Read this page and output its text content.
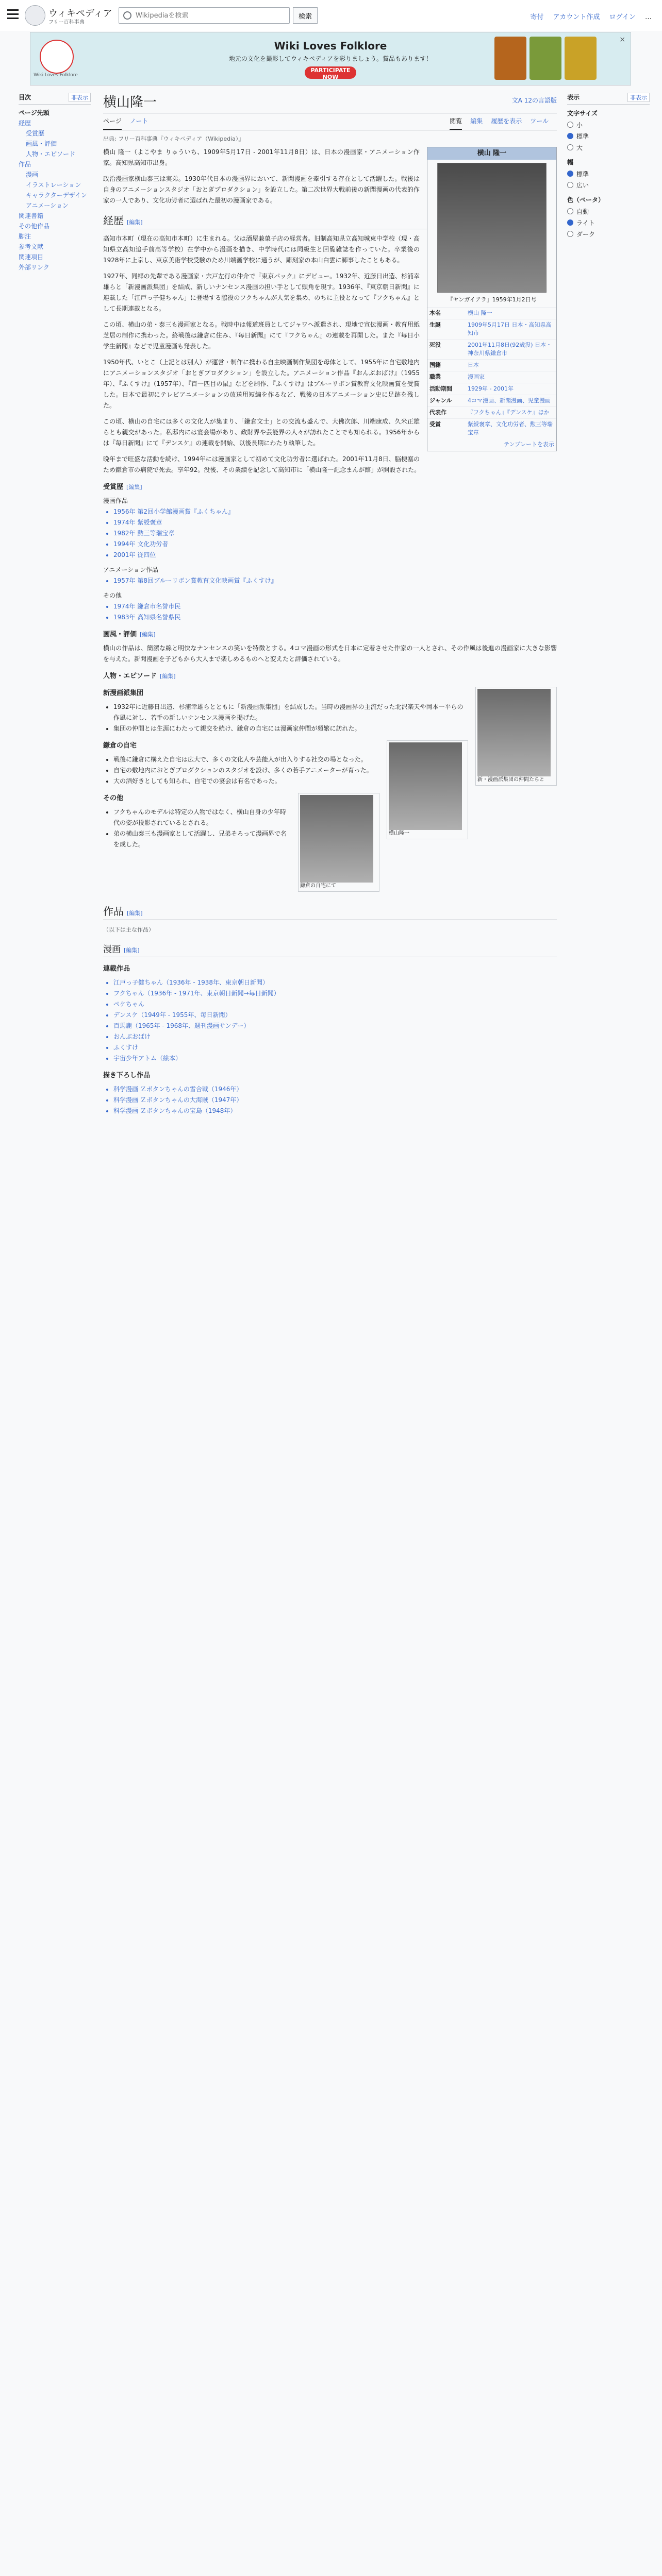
ウィキペディア
フリー百科事典
Wikipediaを検索
検索	寄付 アカウント作成 ログイン …
Wiki Loves Folklore
Wiki Loves Folklore
地元の文化を撮影してウィキペディアを彩りましょう。賞品もあります！
PARTICIPATE NOW
×
目次	非表示
ページ先頭
経歴
受賞歴
画風・評価
人物・エピソード
作品
漫画
イラストレーション
キャラクターデザイン
アニメーション
関連書籍
その他作品
脚注
参考文献
関連項目
外部リンク
横山隆一	文A 12の言語版
ページ ノート	閲覧 編集 履歴を表示 ツール
出典: フリー百科事典『ウィキペディア（Wikipedia）』
横山 隆一
『ヤンガイアラ』1959年1月2日号
本名	横山 隆一
生誕	1909年5月17日 日本・高知県高知市
死没	2001年11月8日(92歳没) 日本・神奈川県鎌倉市
国籍	日本
職業	漫画家
活動期間	1929年 - 2001年
ジャンル	4コマ漫画、新聞漫画、児童漫画
代表作	『フクちゃん』『デンスケ』ほか
受賞	紫綬褒章、文化功労者、勲三等瑞宝章
テンプレートを表示

横山 隆一（よこやま りゅういち、1909年5月17日 - 2001年11月8日）は、日本の漫画家・アニメーション作家。高知県高知市出身。

政治漫画家横山泰三は実弟。1930年代日本の漫画界において、新聞漫画を牽引する存在として活躍した。戦後は自身のアニメーションスタジオ「おとぎプロダクション」を設立した。第二次世界大戦前後の新聞漫画の代表的作家の一人であり、文化功労者に選ばれた最初の漫画家である。

経歴 [編集]

高知市本町（現在の高知市本町）に生まれる。父は酒屋兼菓子店の経営者。旧制高知県立高知城東中学校（現・高知県立高知追手前高等学校）在学中から漫画を描き、中学時代には同級生と回覧雑誌を作っていた。卒業後の1928年に上京し、東京美術学校受験のため川端画学校に通うが、彫刻家の本山白雲に師事したこともある。

1927年、同郷の先輩である漫画家・宍戸左行の仲介で『東京パック』にデビュー。1932年、近藤日出造、杉浦幸雄らと「新漫画派集団」を結成、新しいナンセンス漫画の担い手として頭角を現す。1936年、『東京朝日新聞』に連載した「江戸っ子健ちゃん」に登場する脇役のフクちゃんが人気を集め、のちに主役となって『フクちゃん』として長期連載となる。

この頃、横山の弟・泰三も漫画家となる。戦時中は報道班員としてジャワへ派遣され、現地で宣伝漫画・教育用紙芝居の制作に携わった。終戦後は鎌倉に住み、『毎日新聞』にて『フクちゃん』の連載を再開した。また『毎日小学生新聞』などで児童漫画も発表した。

1950年代、いとこ（上記とは別人）が運営・制作に携わる自主映画制作集団を母体として、1955年に自宅敷地内にアニメーションスタジオ「おとぎプロダクション」を設立した。アニメーション作品『おんぶおばけ』（1955年）、『ふくすけ』（1957年）、『百一匹目の鼠』などを制作、『ふくすけ』はブルーリボン賞教育文化映画賞を受賞した。日本で最初にテレビアニメーションの放送用短編を作るなど、戦後の日本アニメーション史に足跡を残した。

この頃、横山の自宅には多くの文化人が集まり、「鎌倉文士」との交流も盛んで、大佛次郎、川端康成、久米正雄らとも親交があった。私邸内には宴会場があり、政財界や芸能界の人々が訪れたことでも知られる。1956年からは『毎日新聞』にて『デンスケ』の連載を開始、以後長期にわたり執筆した。

晩年まで旺盛な活動を続け、1994年には漫画家として初めて文化功労者に選ばれた。2001年11月8日、脳梗塞のため鎌倉市の病院で死去。享年92。没後、その業績を記念して高知市に「横山隆一記念まんが館」が開設された。

受賞歴 [編集]
漫画作品
• 1956年 第2回小学館漫画賞『ふくちゃん』
• 1974年 紫綬褒章
• 1982年 勲三等瑞宝章
• 1994年 文化功労者
• 2001年 従四位
アニメーション作品
• 1957年 第8回ブルーリボン賞教育文化映画賞『ふくすけ』
その他
• 1974年 鎌倉市名誉市民
• 1983年 高知県名誉県民
画風・評価 [編集]

横山の作品は、簡潔な線と明快なナンセンスの笑いを特徴とする。4コマ漫画の形式を日本に定着させた作家の一人とされ、その作風は後進の漫画家に大きな影響を与えた。新聞漫画を子どもから大人まで楽しめるものへと変えたと評価されている。

人物・エピソード [編集]
新・漫画派集団の仲間たちと
新漫画派集団
• 1932年に近藤日出造、杉浦幸雄らとともに「新漫画派集団」を結成した。当時の漫画界の主流だった北沢楽天や岡本一平らの作風に対し、若手の新しいナンセンス漫画を掲げた。
• 集団の仲間とは生涯にわたって親交を続け、鎌倉の自宅には漫画家仲間が頻繁に訪れた。
横山隆一
鎌倉の自宅
• 戦後に鎌倉に構えた自宅は広大で、多くの文化人や芸能人が出入りする社交の場となった。
• 自宅の敷地内におとぎプロダクションのスタジオを設け、多くの若手アニメーターが育った。
• 大の酒好きとしても知られ、自宅での宴会は有名であった。
鎌倉の自宅にて
その他
• フクちゃんのモデルは特定の人物ではなく、横山自身の少年時代の姿が投影されているとされる。
• 弟の横山泰三も漫画家として活躍し、兄弟そろって漫画界で名を成した。
作品 [編集]

（以下は主な作品）

漫画 [編集]
連載作品
• 江戸っ子健ちゃん（1936年 - 1938年、東京朝日新聞）
• フクちゃん（1936年 - 1971年、東京朝日新聞→毎日新聞）
• ペケちゃん
• デンスケ（1949年 - 1955年、毎日新聞）
• 百馬鹿（1965年 - 1968年、週刊漫画サンデー）
• おんぶおばけ
• ふくすけ
• 宇宙少年アトム（絵本）
描き下ろし作品
• 科学漫画 Ｚボタンちゃんの雪合戦（1946年）
• 科学漫画 Ｚボタンちゃんの大海賊（1947年）
• 科学漫画 Ｚボタンちゃんの宝島（1948年）
表示	非表示
文字サイズ
小
標準
大
幅
標準
広い
色（ベータ）
自動
ライト
ダーク
